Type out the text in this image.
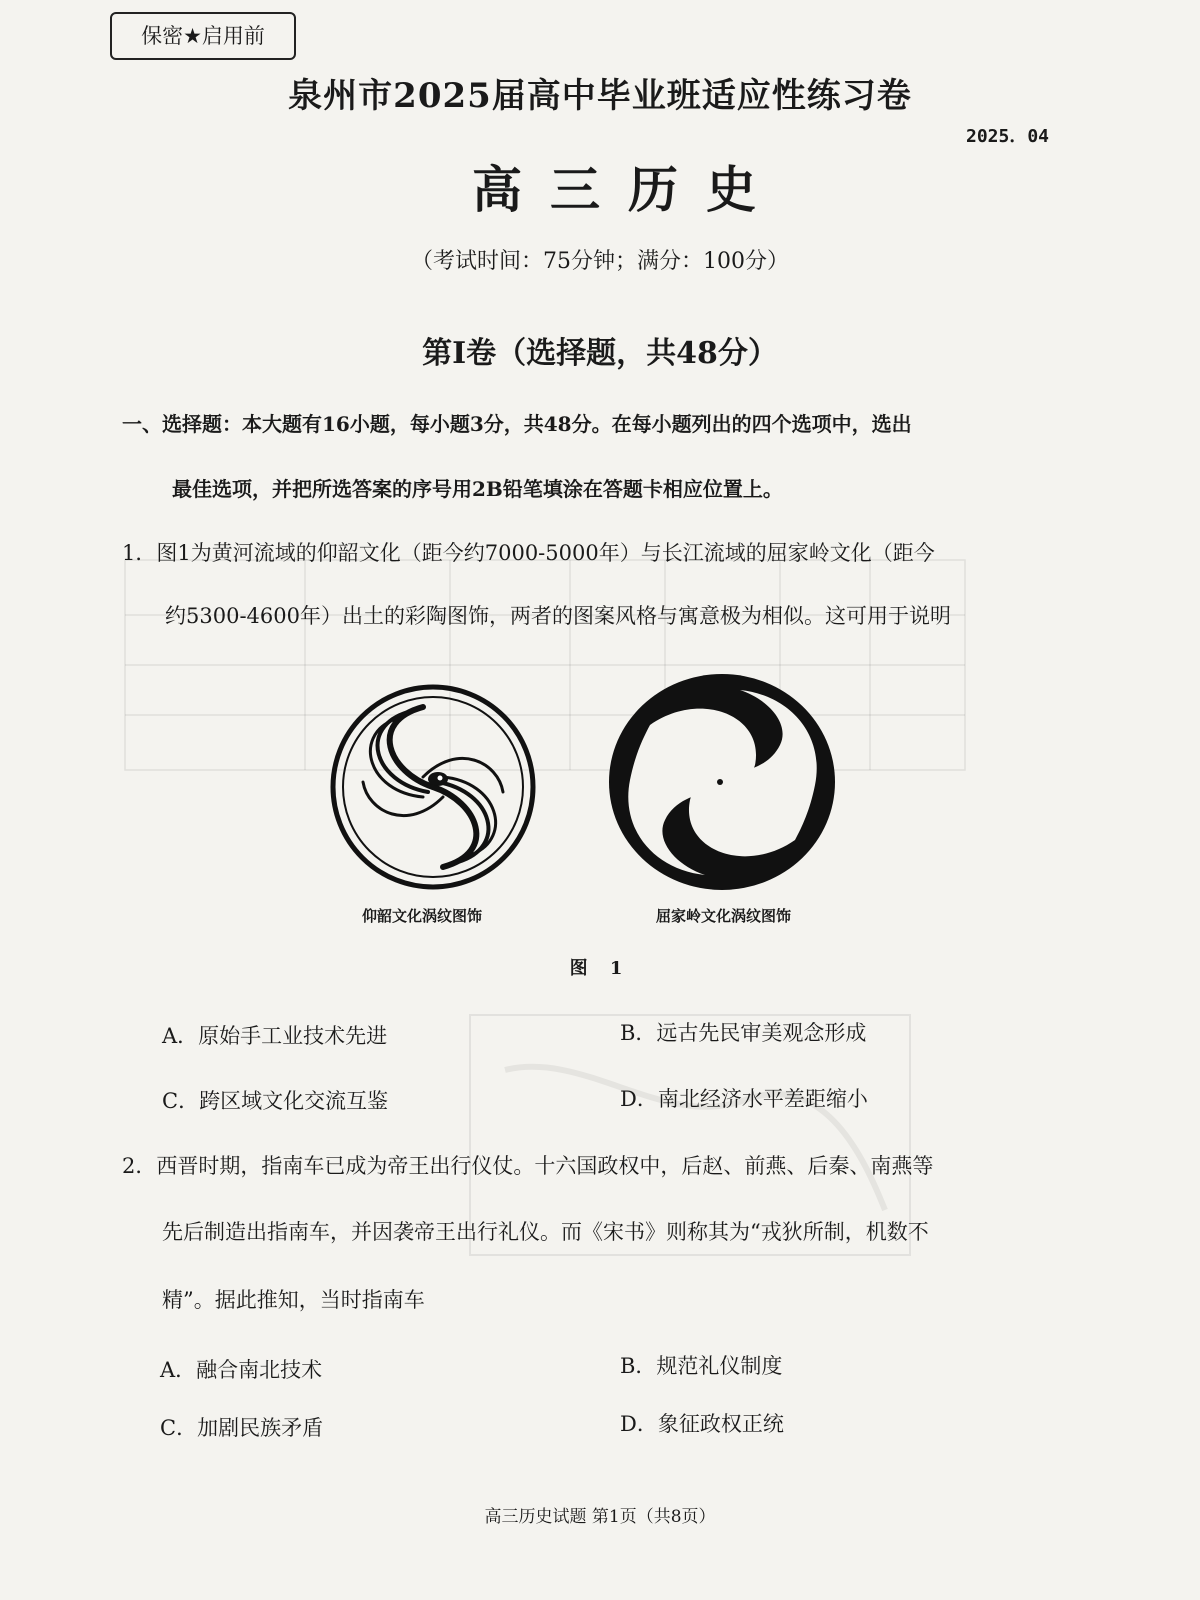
保密★启用前
泉州市2025届高中毕业班适应性练习卷
2025．04
高三历史
（考试时间：75分钟；满分：100分）
第Ⅰ卷（选择题，共48分）
一、选择题：本大题有16小题，每小题3分，共48分。在每小题列出的四个选项中，选出
最佳选项，并把所选答案的序号用2B铅笔填涂在答题卡相应位置上。
1．图1为黄河流域的仰韶文化（距今约7000-5000年）与长江流域的屈家岭文化（距今
约5300-4600年）出土的彩陶图饰，两者的图案风格与寓意极为相似。这可用于说明
仰韶文化涡纹图饰	屈家岭文化涡纹图饰
图 1
A．原始手工业技术先进	B．远古先民审美观念形成
C．跨区域文化交流互鉴	D．南北经济水平差距缩小
2．西晋时期，指南车已成为帝王出行仪仗。十六国政权中，后赵、前燕、后秦、南燕等
先后制造出指南车，并因袭帝王出行礼仪。而《宋书》则称其为“戎狄所制，机数不
精”。据此推知，当时指南车
A．融合南北技术	B．规范礼仪制度
C．加剧民族矛盾	D．象征政权正统
高三历史试题 第1页（共8页）
